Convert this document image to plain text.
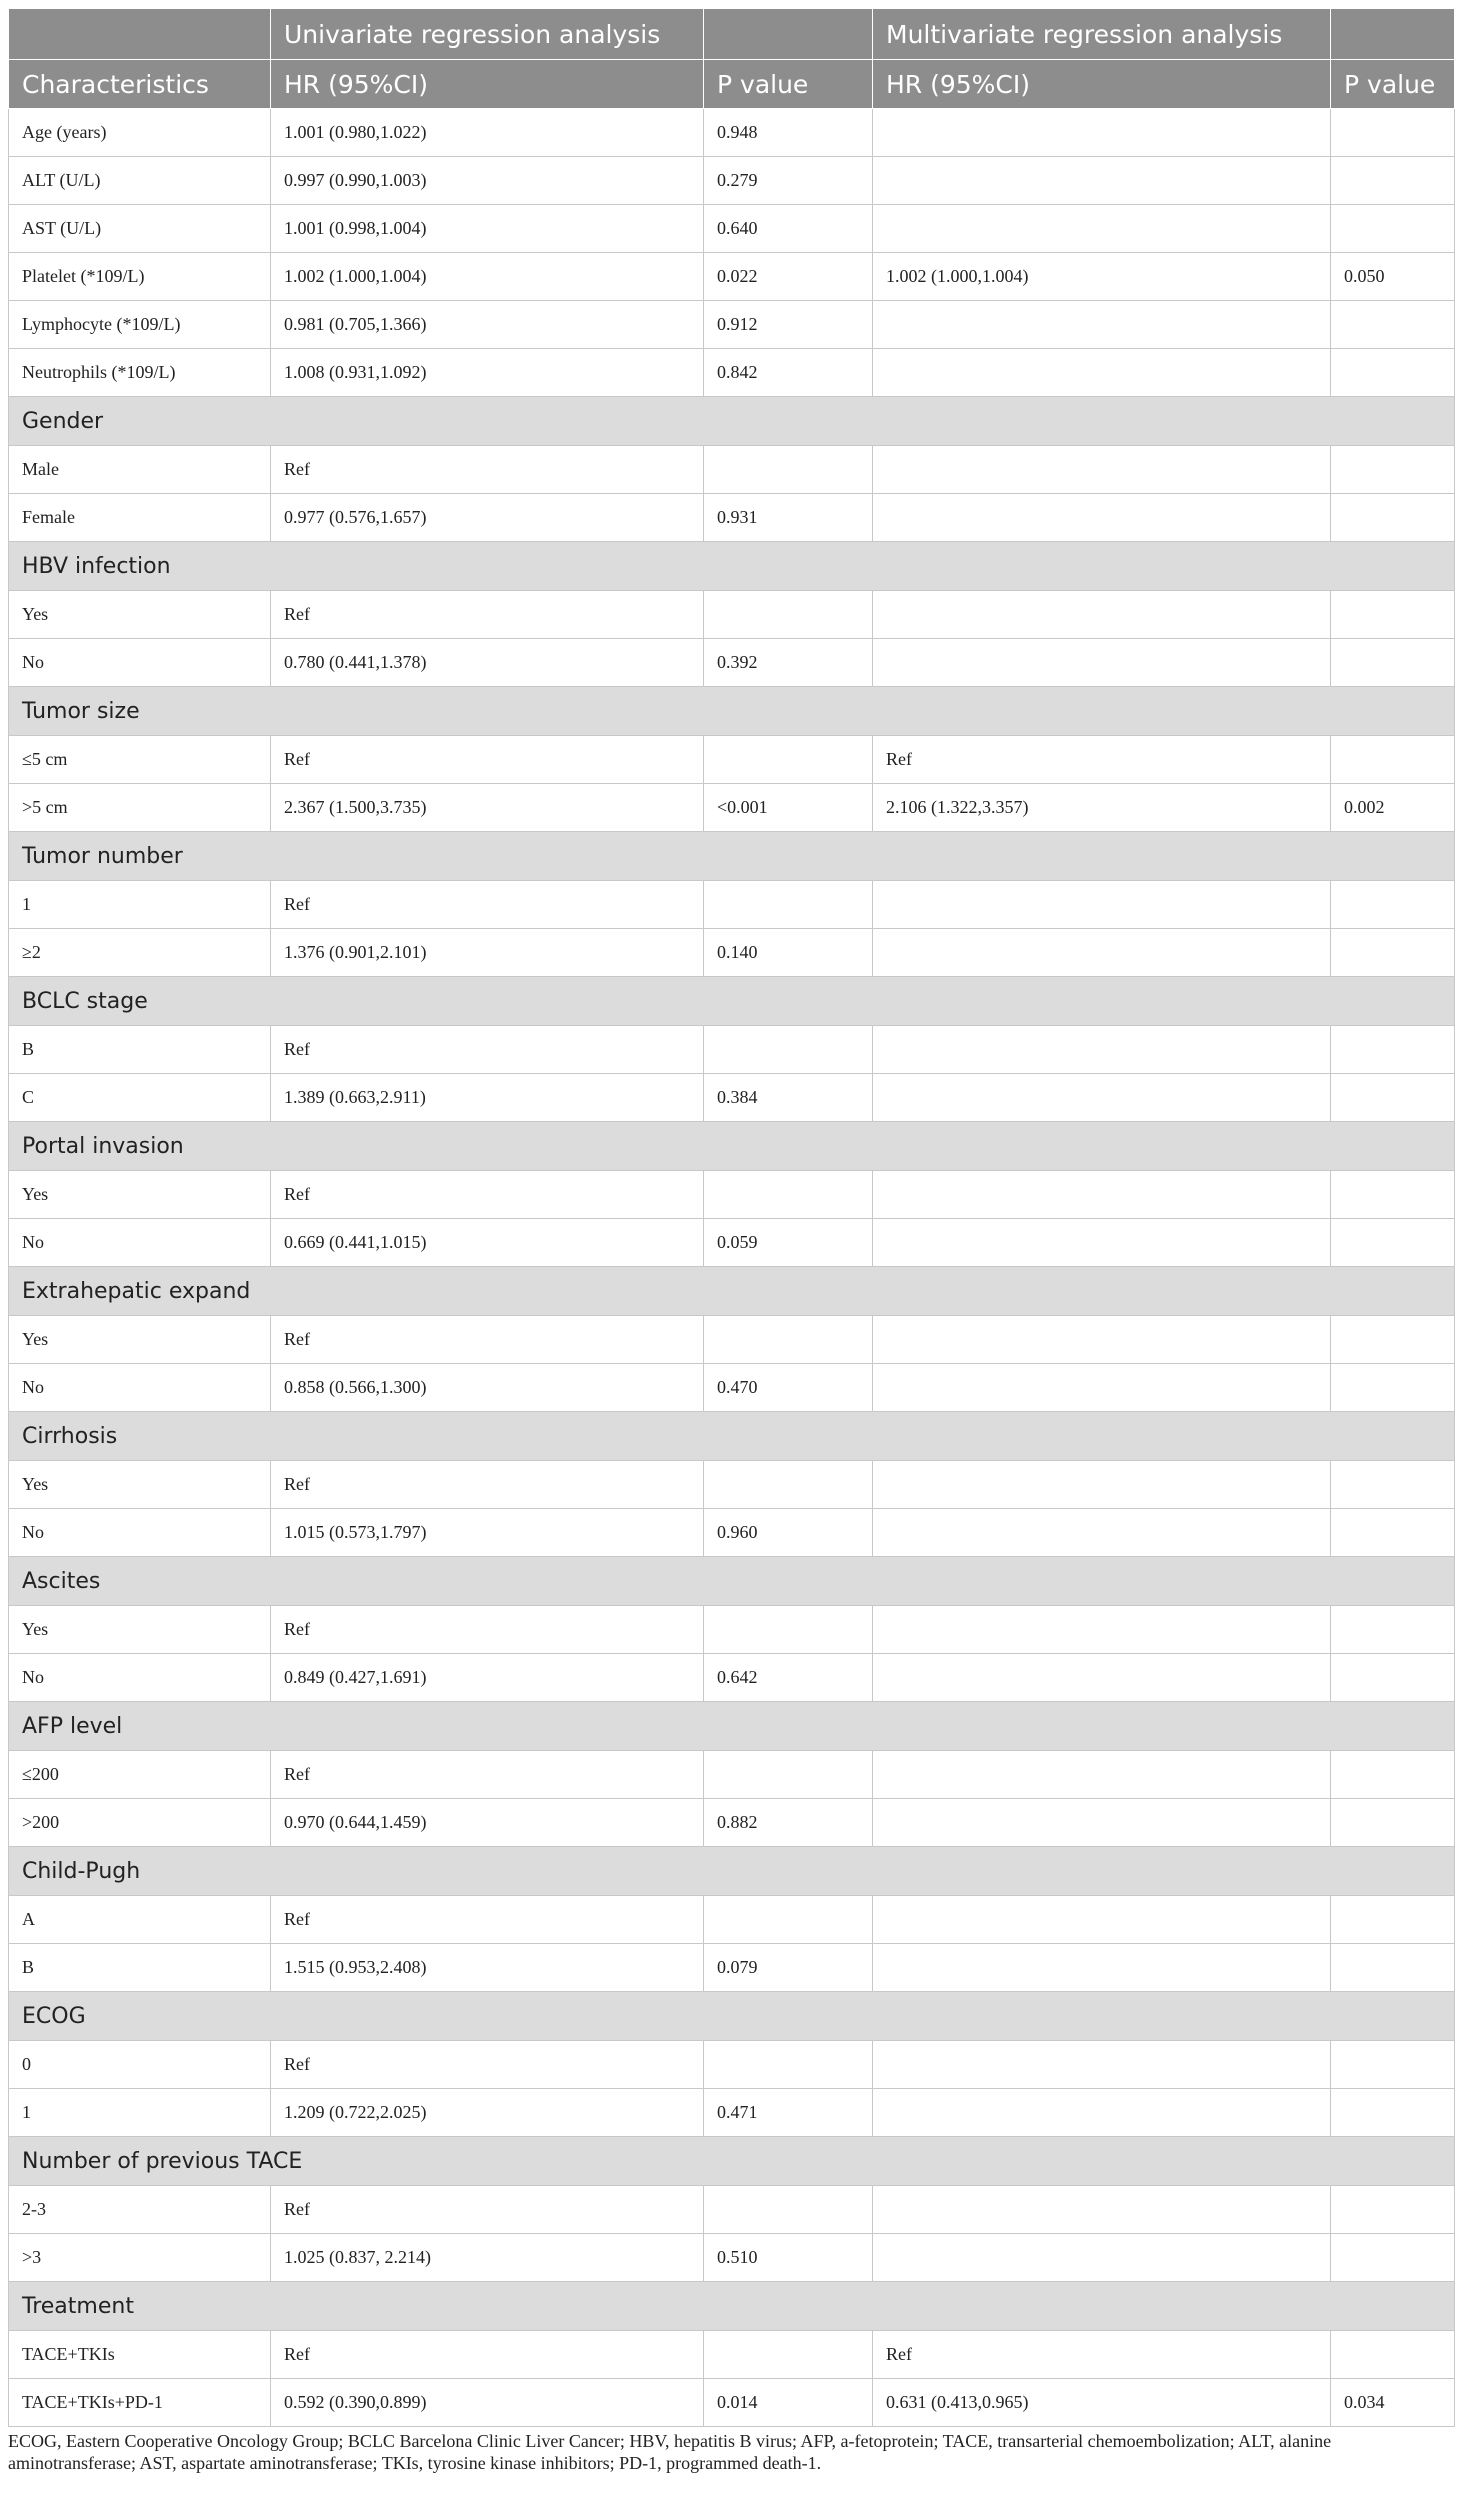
	Univariate regression analysis		Multivariate regression analysis	
Characteristics	HR (95%CI)	P value	HR (95%CI)	P value
Age (years)	1.001 (0.980,1.022)	0.948		
ALT (U/L)	0.997 (0.990,1.003)	0.279		
AST (U/L)	1.001 (0.998,1.004)	0.640		
Platelet (*109/L)	1.002 (1.000,1.004)	0.022	1.002 (1.000,1.004)	0.050
Lymphocyte (*109/L)	0.981 (0.705,1.366)	0.912		
Neutrophils (*109/L)	1.008 (0.931,1.092)	0.842		
Gender				
Male	Ref			
Female	0.977 (0.576,1.657)	0.931		
HBV infection				
Yes	Ref			
No	0.780 (0.441,1.378)	0.392		
Tumor size				
≤5 cm	Ref		Ref	
>5 cm	2.367 (1.500,3.735)	<0.001	2.106 (1.322,3.357)	0.002
Tumor number				
1	Ref			
≥2	1.376 (0.901,2.101)	0.140		
BCLC stage				
B	Ref			
C	1.389 (0.663,2.911)	0.384		
Portal invasion				
Yes	Ref			
No	0.669 (0.441,1.015)	0.059		
Extrahepatic expand				
Yes	Ref			
No	0.858 (0.566,1.300)	0.470		
Cirrhosis				
Yes	Ref			
No	1.015 (0.573,1.797)	0.960		
Ascites				
Yes	Ref			
No	0.849 (0.427,1.691)	0.642		
AFP level				
≤200	Ref			
>200	0.970 (0.644,1.459)	0.882		
Child-Pugh				
A	Ref			
B	1.515 (0.953,2.408)	0.079		
ECOG				
0	Ref			
1	1.209 (0.722,2.025)	0.471		
Number of previous TACE				
2-3	Ref			
>3	1.025 (0.837, 2.214)	0.510		
Treatment				
TACE+TKIs	Ref		Ref	
TACE+TKIs+PD-1	0.592 (0.390,0.899)	0.014	0.631 (0.413,0.965)	0.034

ECOG, Eastern Cooperative Oncology Group; BCLC Barcelona Clinic Liver Cancer; HBV, hepatitis B virus; AFP, a-fetoprotein; TACE, transarterial chemoembolization; ALT, alanine aminotransferase; AST, aspartate aminotransferase; TKIs, tyrosine kinase inhibitors; PD-1, programmed death-1.
